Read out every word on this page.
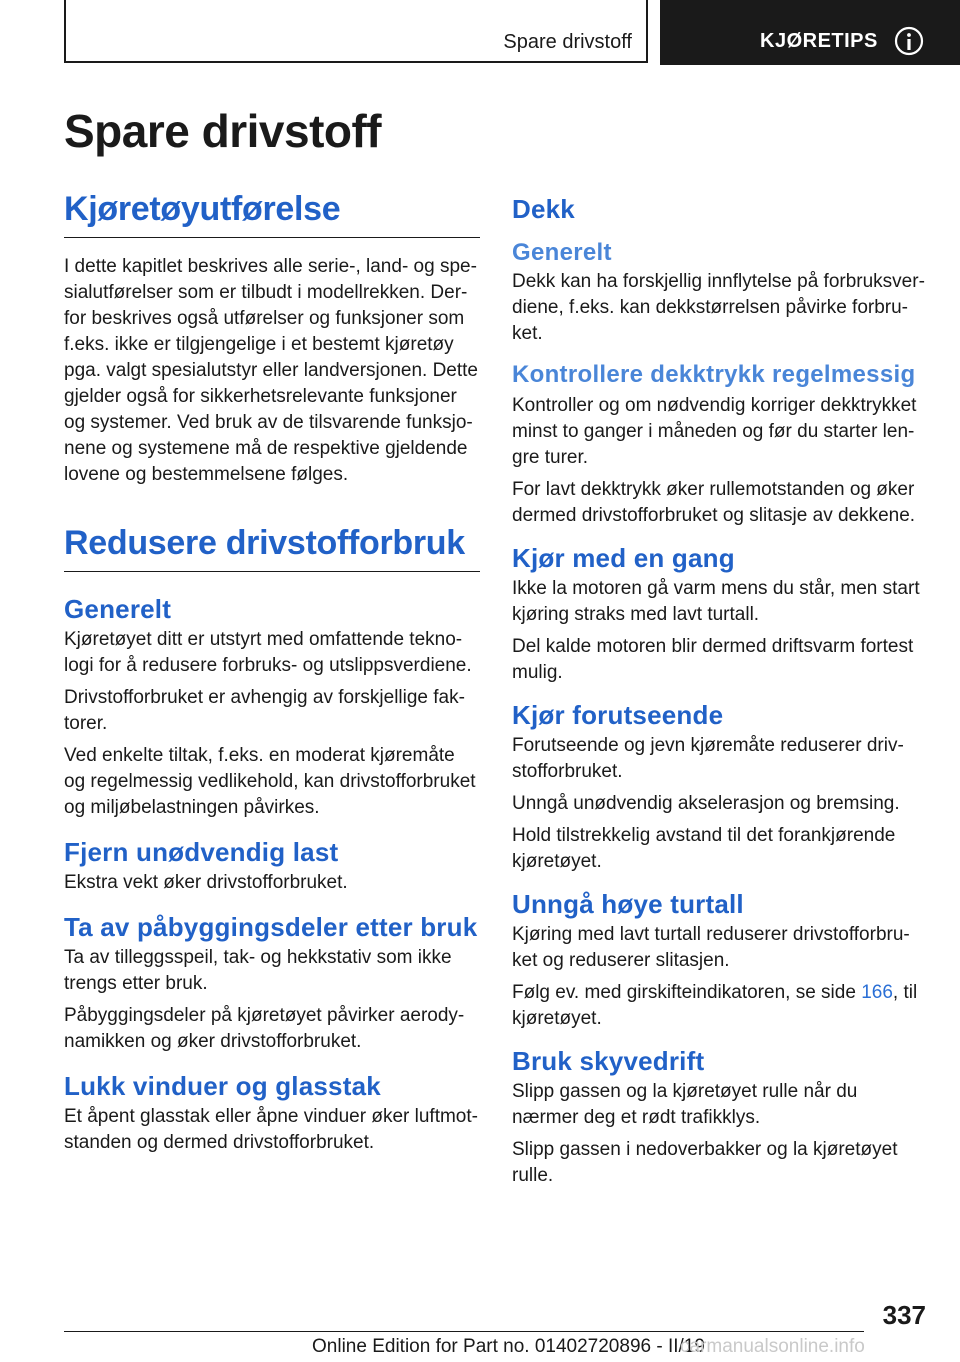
Spare drivstoff	KJØRETIPS
Spare drivstoff
Kjøretøyutførelse

I dette kapitlet beskrives alle serie-, land- og spe-sialutførelser som er tilbudt i modellrekken. Der-for beskrives også utførelser og funksjoner som f.eks. ikke er tilgjengelige i et bestemt kjøretøy pga. valgt spesialutstyr eller landversjonen. Dette gjelder også for sikkerhetsrelevante funksjoner og systemer. Ved bruk av de tilsvarende funksjo-nene og systemene må de respektive gjeldende lovene og bestemmelsene følges.

Redusere drivstofforbruk
Generelt

Kjøretøyet ditt er utstyrt med omfattende tekno-logi for å redusere forbruks- og utslippsverdiene.

Drivstofforbruket er avhengig av forskjellige fak-torer.

Ved enkelte tiltak, f.eks. en moderat kjøremåte og regelmessig vedlikehold, kan drivstofforbruket og miljøbelastningen påvirkes.

Fjern unødvendig last

Ekstra vekt øker drivstofforbruket.

Ta av påbyggingsdeler etter bruk

Ta av tilleggsspeil, tak- og hekkstativ som ikke trengs etter bruk.

Påbyggingsdeler på kjøretøyet påvirker aerody-namikken og øker drivstofforbruket.

Lukk vinduer og glasstak

Et åpent glasstak eller åpne vinduer øker luftmot-standen og dermed drivstofforbruket.

Dekk
Generelt

Dekk kan ha forskjellig innflytelse på forbruksver-diene, f.eks. kan dekkstørrelsen påvirke forbru-ket.

Kontrollere dekktrykk regelmessig

Kontroller og om nødvendig korriger dekktrykket minst to ganger i måneden og før du starter len-gre turer.

For lavt dekktrykk øker rullemotstanden og øker dermed drivstofforbruket og slitasje av dekkene.

Kjør med en gang

Ikke la motoren gå varm mens du står, men start kjøring straks med lavt turtall.

Del kalde motoren blir dermed driftsvarm fortest mulig.

Kjør forutseende

Forutseende og jevn kjøremåte reduserer driv-stofforbruket.

Unngå unødvendig akselerasjon og bremsing.

Hold tilstrekkelig avstand til det forankjørende kjøretøyet.

Unngå høye turtall

Kjøring med lavt turtall reduserer drivstofforbru-ket og reduserer slitasjen.

Følg ev. med girskifteindikatoren, se side 166, til kjøretøyet.

Bruk skyvedrift

Slipp gassen og la kjøretøyet rulle når du nærmer deg et rødt trafikklys.

Slipp gassen i nedoverbakker og la kjøretøyet rulle.

337
Online Edition for Part no. 01402720896 - II/19
carmanualsonline.info
